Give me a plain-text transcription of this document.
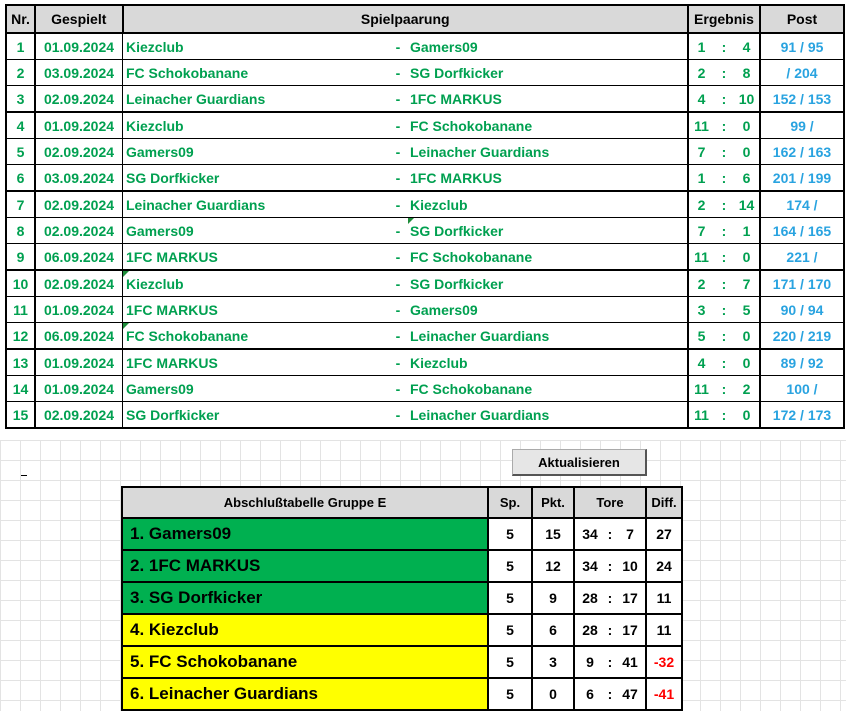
Nr.	Gespielt	Spielpaarung			Ergebnis			Post
1	01.09.2024	Kiezclub	-	Gamers09	1	:	4	91 / 95
2	03.09.2024	FC Schokobanane	-	SG Dorfkicker	2	:	8	/ 204
3	02.09.2024	Leinacher Guardians	-	1FC MARKUS	4	:	10	152 / 153
4	01.09.2024	Kiezclub	-	FC Schokobanane	11	:	0	99 /
5	02.09.2024	Gamers09	-	Leinacher Guardians	7	:	0	162 / 163
6	03.09.2024	SG Dorfkicker	-	1FC MARKUS	1	:	6	201 / 199
7	02.09.2024	Leinacher Guardians	-	Kiezclub	2	:	14	174 /
8	02.09.2024	Gamers09	-	SG Dorfkicker	7	:	1	164 / 165
9	06.09.2024	1FC MARKUS	-	FC Schokobanane	11	:	0	221 /
10	02.09.2024	Kiezclub	-	SG Dorfkicker	2	:	7	171 / 170
11	01.09.2024	1FC MARKUS	-	Gamers09	3	:	5	90 / 94
12	06.09.2024	FC Schokobanane	-	Leinacher Guardians	5	:	0	220 / 219
13	01.09.2024	1FC MARKUS	-	Kiezclub	4	:	0	89 / 92
14	01.09.2024	Gamers09	-	FC Schokobanane	11	:	2	100 /
15	02.09.2024	SG Dorfkicker	-	Leinacher Guardians	11	:	0	172 / 173
Aktualisieren
Abschlußtabelle Gruppe E	Sp.	Pkt.	Tore			Diff.
1. Gamers09	5	15	34	:	7	27
2. 1FC MARKUS	5	12	34	:	10	24
3. SG Dorfkicker	5	9	28	:	17	11
4. Kiezclub	5	6	28	:	17	11
5. FC Schokobanane	5	3	9	:	41	-32
6. Leinacher Guardians	5	0	6	:	47	-41
